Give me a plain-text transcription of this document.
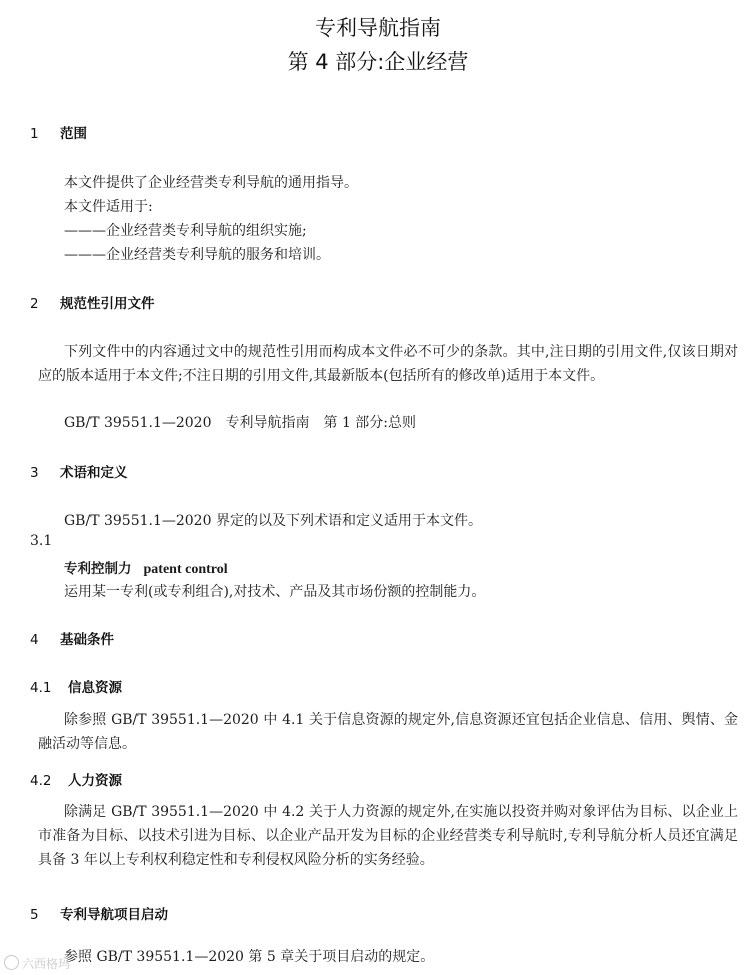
专利导航指南
第 4 部分:企业经营
1 范围
本文件提供了企业经营类专利导航的通用指导。
本文件适用于:
———企业经营类专利导航的组织实施;
———企业经营类专利导航的服务和培训。
2 规范性引用文件
下列文件中的内容通过文中的规范性引用而构成本文件必不可少的条款。其中,注日期的引用文件,仅该日期对应的版本适用于本文件;不注日期的引用文件,其最新版本(包括所有的修改单)适用于本文件。
GB/T 39551.1—2020　专利导航指南　第 1 部分:总则
3 术语和定义
GB/T 39551.1—2020 界定的以及下列术语和定义适用于本文件。
3.1
专利控制力 patent control
运用某一专利(或专利组合),对技术、产品及其市场份额的控制能力。
4 基础条件
4.1 信息资源
除参照 GB/T 39551.1—2020 中 4.1 关于信息资源的规定外,信息资源还宜包括企业信息、信用、舆情、金融活动等信息。
4.2 人力资源
除满足 GB/T 39551.1—2020 中 4.2 关于人力资源的规定外,在实施以投资并购对象评估为目标、以企业上市准备为目标、以技术引进为目标、以企业产品开发为目标的企业经营类专利导航时,专利导航分析人员还宜满足具备 3 年以上专利权利稳定性和专利侵权风险分析的实务经验。
5 专利导航项目启动
参照 GB/T 39551.1—2020 第 5 章关于项目启动的规定。
六西格玛
